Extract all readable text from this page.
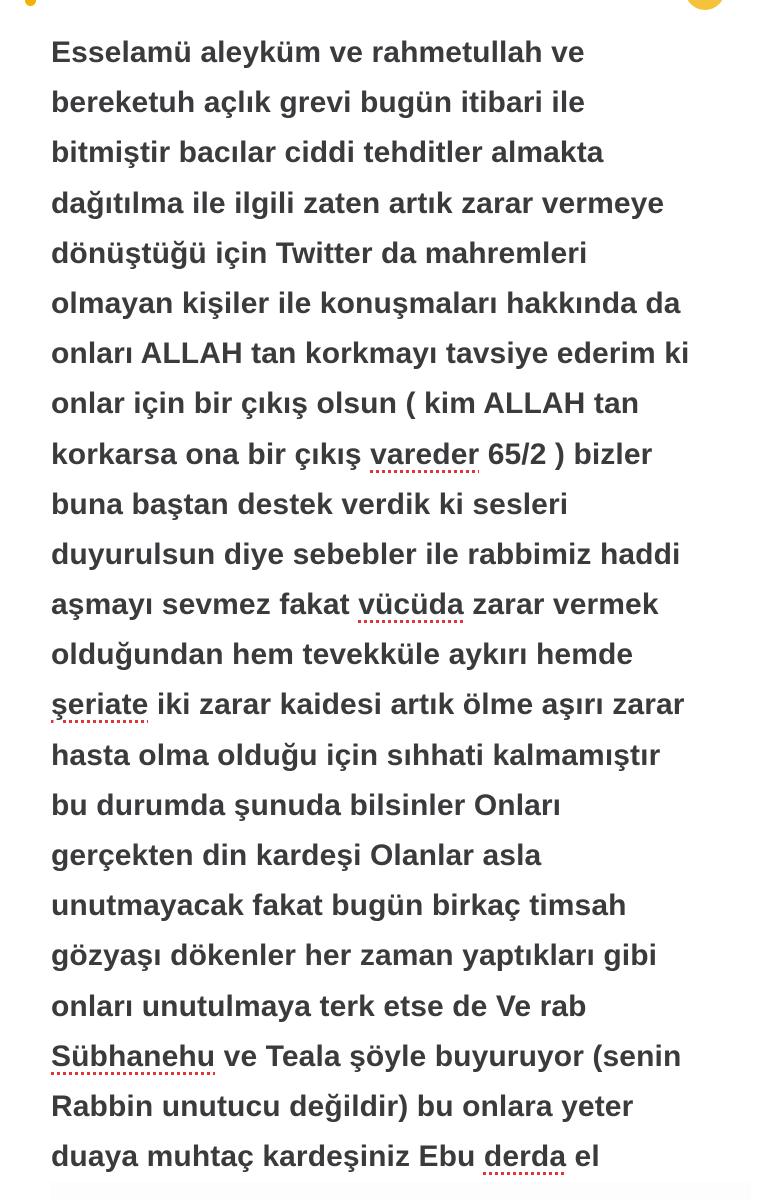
Esselamü aleyküm ve rahmetullah ve
bereketuh açlık grevi bugün itibari ile
bitmiştir bacılar ciddi tehditler almakta
dağıtılma ile ilgili zaten artık zarar vermeye
dönüştüğü için Twitter da mahremleri
olmayan kişiler ile konuşmaları hakkında da
onları ALLAH tan korkmayı tavsiye ederim ki
onlar için bir çıkış olsun ( kim ALLAH tan
korkarsa ona bir çıkış vareder 65/2 ) bizler
buna baştan destek verdik ki sesleri
duyurulsun diye sebebler ile rabbimiz haddi
aşmayı sevmez fakat vücüda zarar vermek
olduğundan hem tevekküle aykırı hemde
şeriate iki zarar kaidesi artık ölme aşırı zarar
hasta olma olduğu için sıhhati kalmamıştır
bu durumda şunuda bilsinler Onları
gerçekten din kardeşi Olanlar asla
unutmayacak fakat bugün birkaç timsah
gözyaşı dökenler her zaman yaptıkları gibi
onları unutulmaya terk etse de Ve rab
Sübhanehu ve Teala şöyle buyuruyor (senin
Rabbin unutucu değildir) bu onlara yeter
duaya muhtaç kardeşiniz Ebu derda el
